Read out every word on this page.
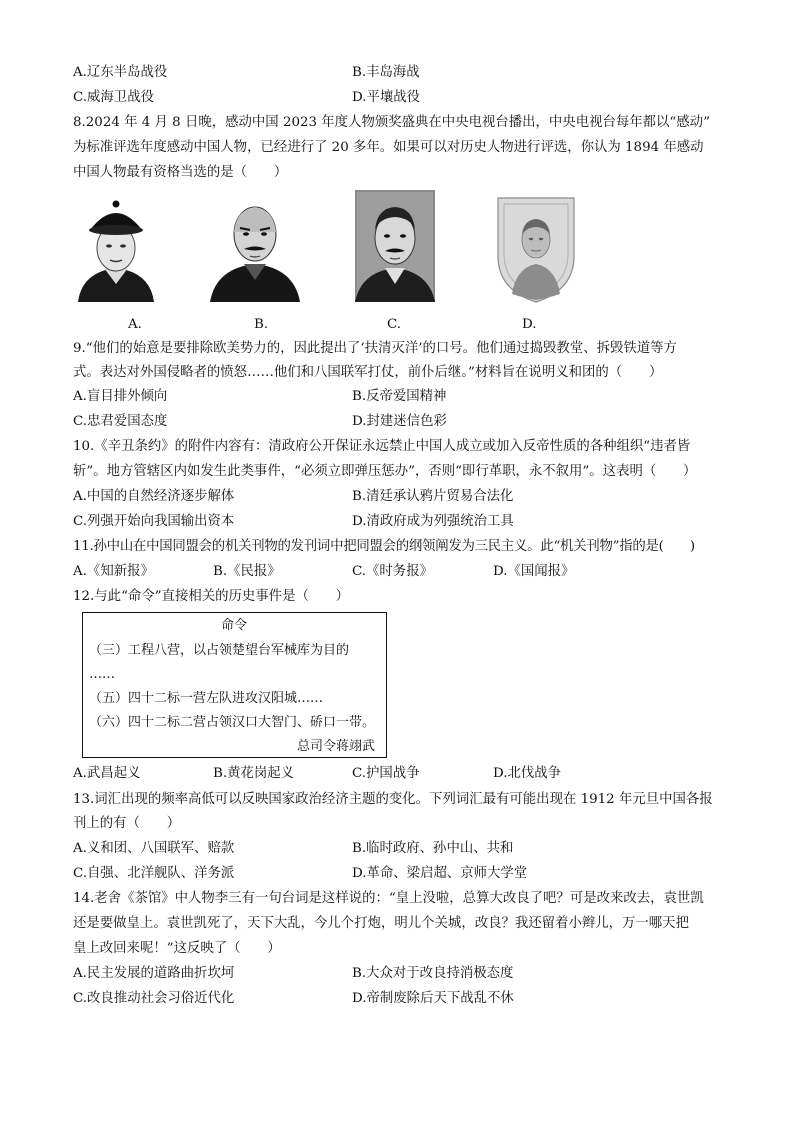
A.辽东半岛战役	B.丰岛海战
C.威海卫战役	D.平壤战役
8.2024 年 4 月 8 日晚，感动中国 2023 年度人物颁奖盛典在中央电视台播出，中央电视台每年都以“感动”
为标准评选年度感动中国人物，已经进行了 20 多年。如果可以对历史人物进行评选，你认为 1894 年感动
中国人物最有资格当选的是（　　）
A.	B.	C.	D.
9.“他们的始意是要排除欧美势力的，因此提出了‘扶清灭洋’的口号。他们通过捣毁教堂、拆毁铁道等方
式。表达对外国侵略者的愤怒……他们和八国联军打仗，前仆后继。”材料旨在说明义和团的（　　）
A.盲目排外倾向	B.反帝爱国精神
C.忠君爱国态度	D.封建迷信色彩
10.《辛丑条约》的附件内容有：清政府公开保证永远禁止中国人成立或加入反帝性质的各种组织“违者皆
斩”。地方管辖区内如发生此类事件，“必须立即弹压惩办”，否则“即行革职，永不叙用”。这表明（　　）
A.中国的自然经济逐步解体	B.清廷承认鸦片贸易合法化
C.列强开始向我国输出资本	D.清政府成为列强统治工具
11.孙中山在中国同盟会的机关刊物的发刊词中把同盟会的纲领阐发为三民主义。此“机关刊物”指的是(　　)
A.《知新报》	B.《民报》	C.《时务报》	D.《国闻报》
12.与此“命令”直接相关的历史事件是（　　）
命令
（三）工程八营，以占领楚望台军械库为目的
……
（五）四十二标一营左队进攻汉阳城……
（六）四十二标二营占领汉口大智门、硚口一带。
总司令蒋翊武
A.武昌起义	B.黄花岗起义	C.护国战争	D.北伐战争
13.词汇出现的频率高低可以反映国家政治经济主题的变化。下列词汇最有可能出现在 1912 年元旦中国各报
刊上的有（　　）
A.义和团、八国联军、赔款	B.临时政府、孙中山、共和
C.自强、北洋舰队、洋务派	D.革命、梁启超、京师大学堂
14.老舍《茶馆》中人物李三有一句台词是这样说的：“皇上没啦，总算大改良了吧？可是改来改去，袁世凯
还是要做皇上。袁世凯死了，天下大乱，今儿个打炮，明儿个关城，改良？我还留着小辫儿，万一哪天把
皇上改回来呢！”这反映了（　　）
A.民主发展的道路曲折坎坷	B.大众对于改良持消极态度
C.改良推动社会习俗近代化	D.帝制废除后天下战乱不休
